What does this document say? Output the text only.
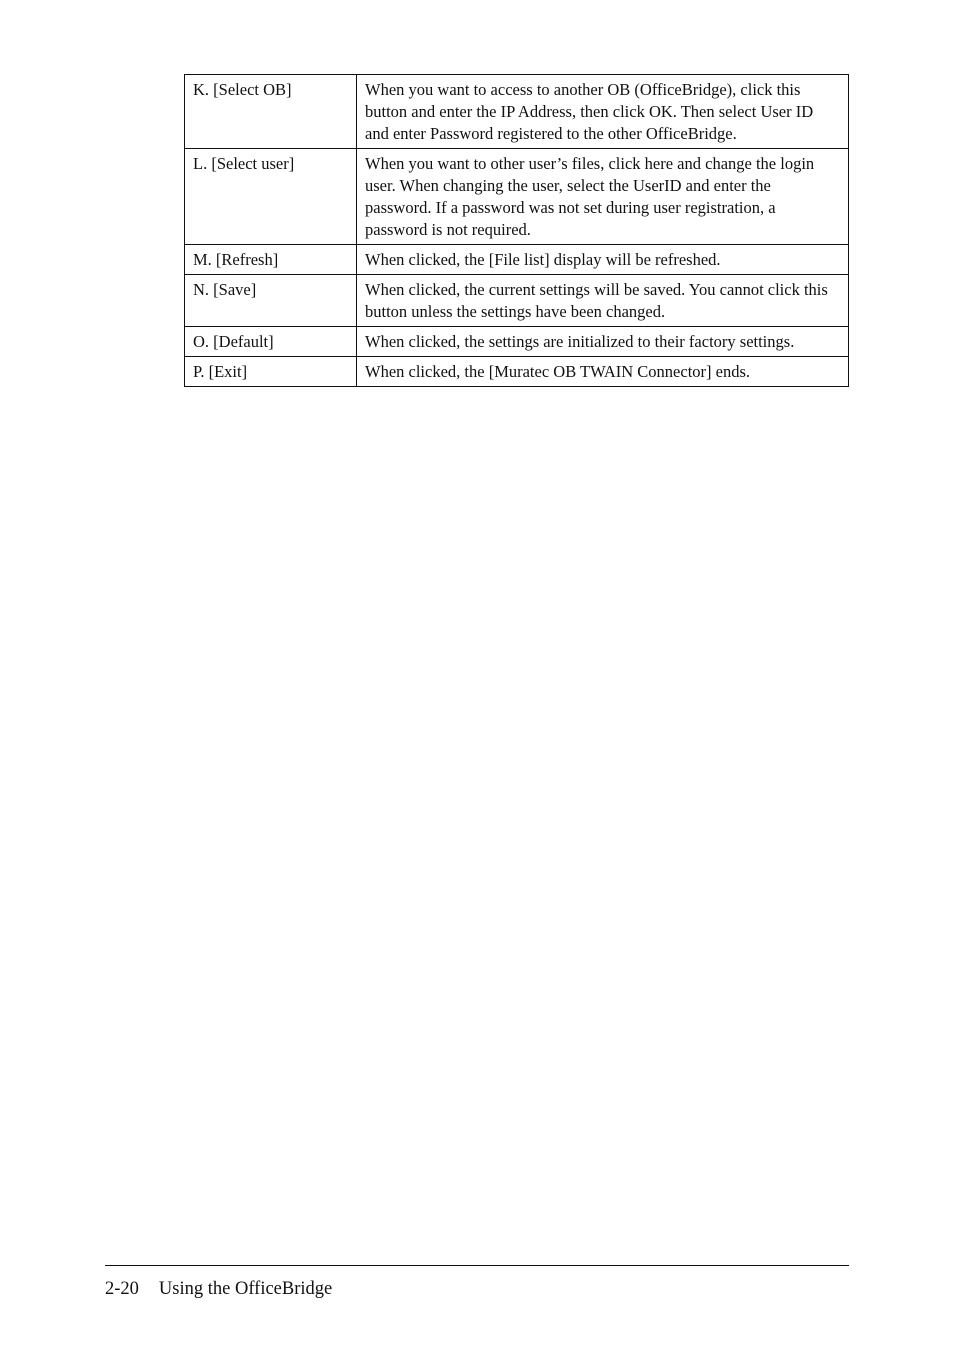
K. [Select OB]	When you want to access to another OB (OfficeBridge), click this button and enter the IP Address, then click OK. Then select User ID and enter Password registered to the other OfficeBridge.
L. [Select user]	When you want to other user’s files, click here and change the login user. When changing the user, select the UserID and enter the password. If a password was not set during user registration, a password is not required.
M. [Refresh]	When clicked, the [File list] display will be refreshed.
N. [Save]	When clicked, the current settings will be saved. You cannot click this button unless the settings have been changed.
O. [Default]	When clicked, the settings are initialized to their factory settings.
P. [Exit]	When clicked, the [Muratec OB TWAIN Connector] ends.
2-20 Using the OfficeBridge
